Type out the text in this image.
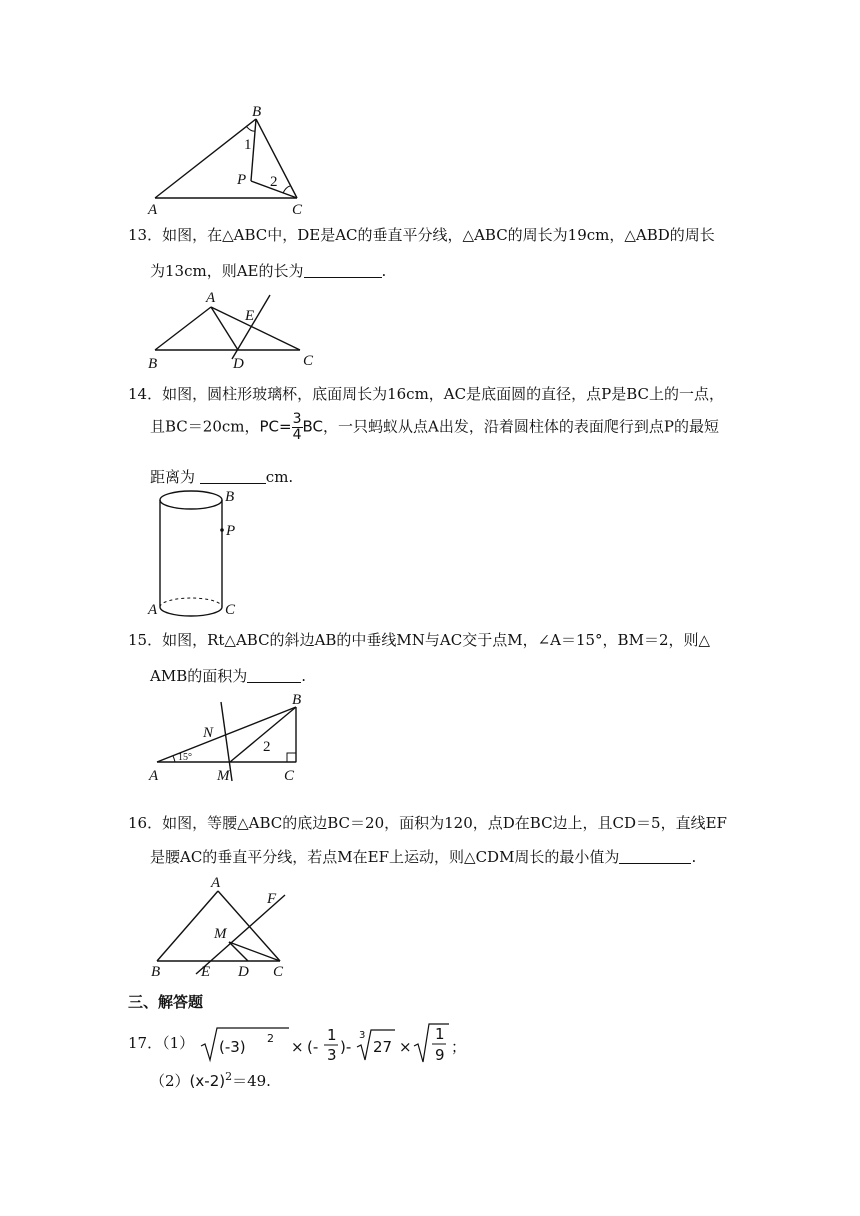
B
A	C
P
1
2
13．如图，在△ABC中，DE是AC的垂直平分线，△ABC的周长为19cm，△ABD的周长
为13cm，则AE的长为	.
A
E
B	D	C
14．如图，圆柱形玻璃杯，底面周长为16cm，AC是底面圆的直径，点P是BC上的一点，
且BC＝20cm，$PC= \frac{3}{4}$ BC，一只蚂蚁从点A出发，沿着圆柱体的表面爬行到点P的最短
距离为	cm.
B
P
A	C
15．如图，Rt△ABC的斜边AB的中垂线MN与AC交于点M，∠A＝15°，BM＝2，则△
AMB的面积为	.
B
N
2
15°
A	M	C
16．如图，等腰△ABC的底边BC＝20，面积为120，点D在BC边上，且CD＝5，直线EF
是腰AC的垂直平分线，若点M在EF上运动，则△CDM周长的最小值为	.
A
F
M
B	E D C
三、解答题
17．（1） (-3) 2 × (-
1
3 )-
3
27 ×
1
9 ；
$(2)(x-2)^2=49$.
